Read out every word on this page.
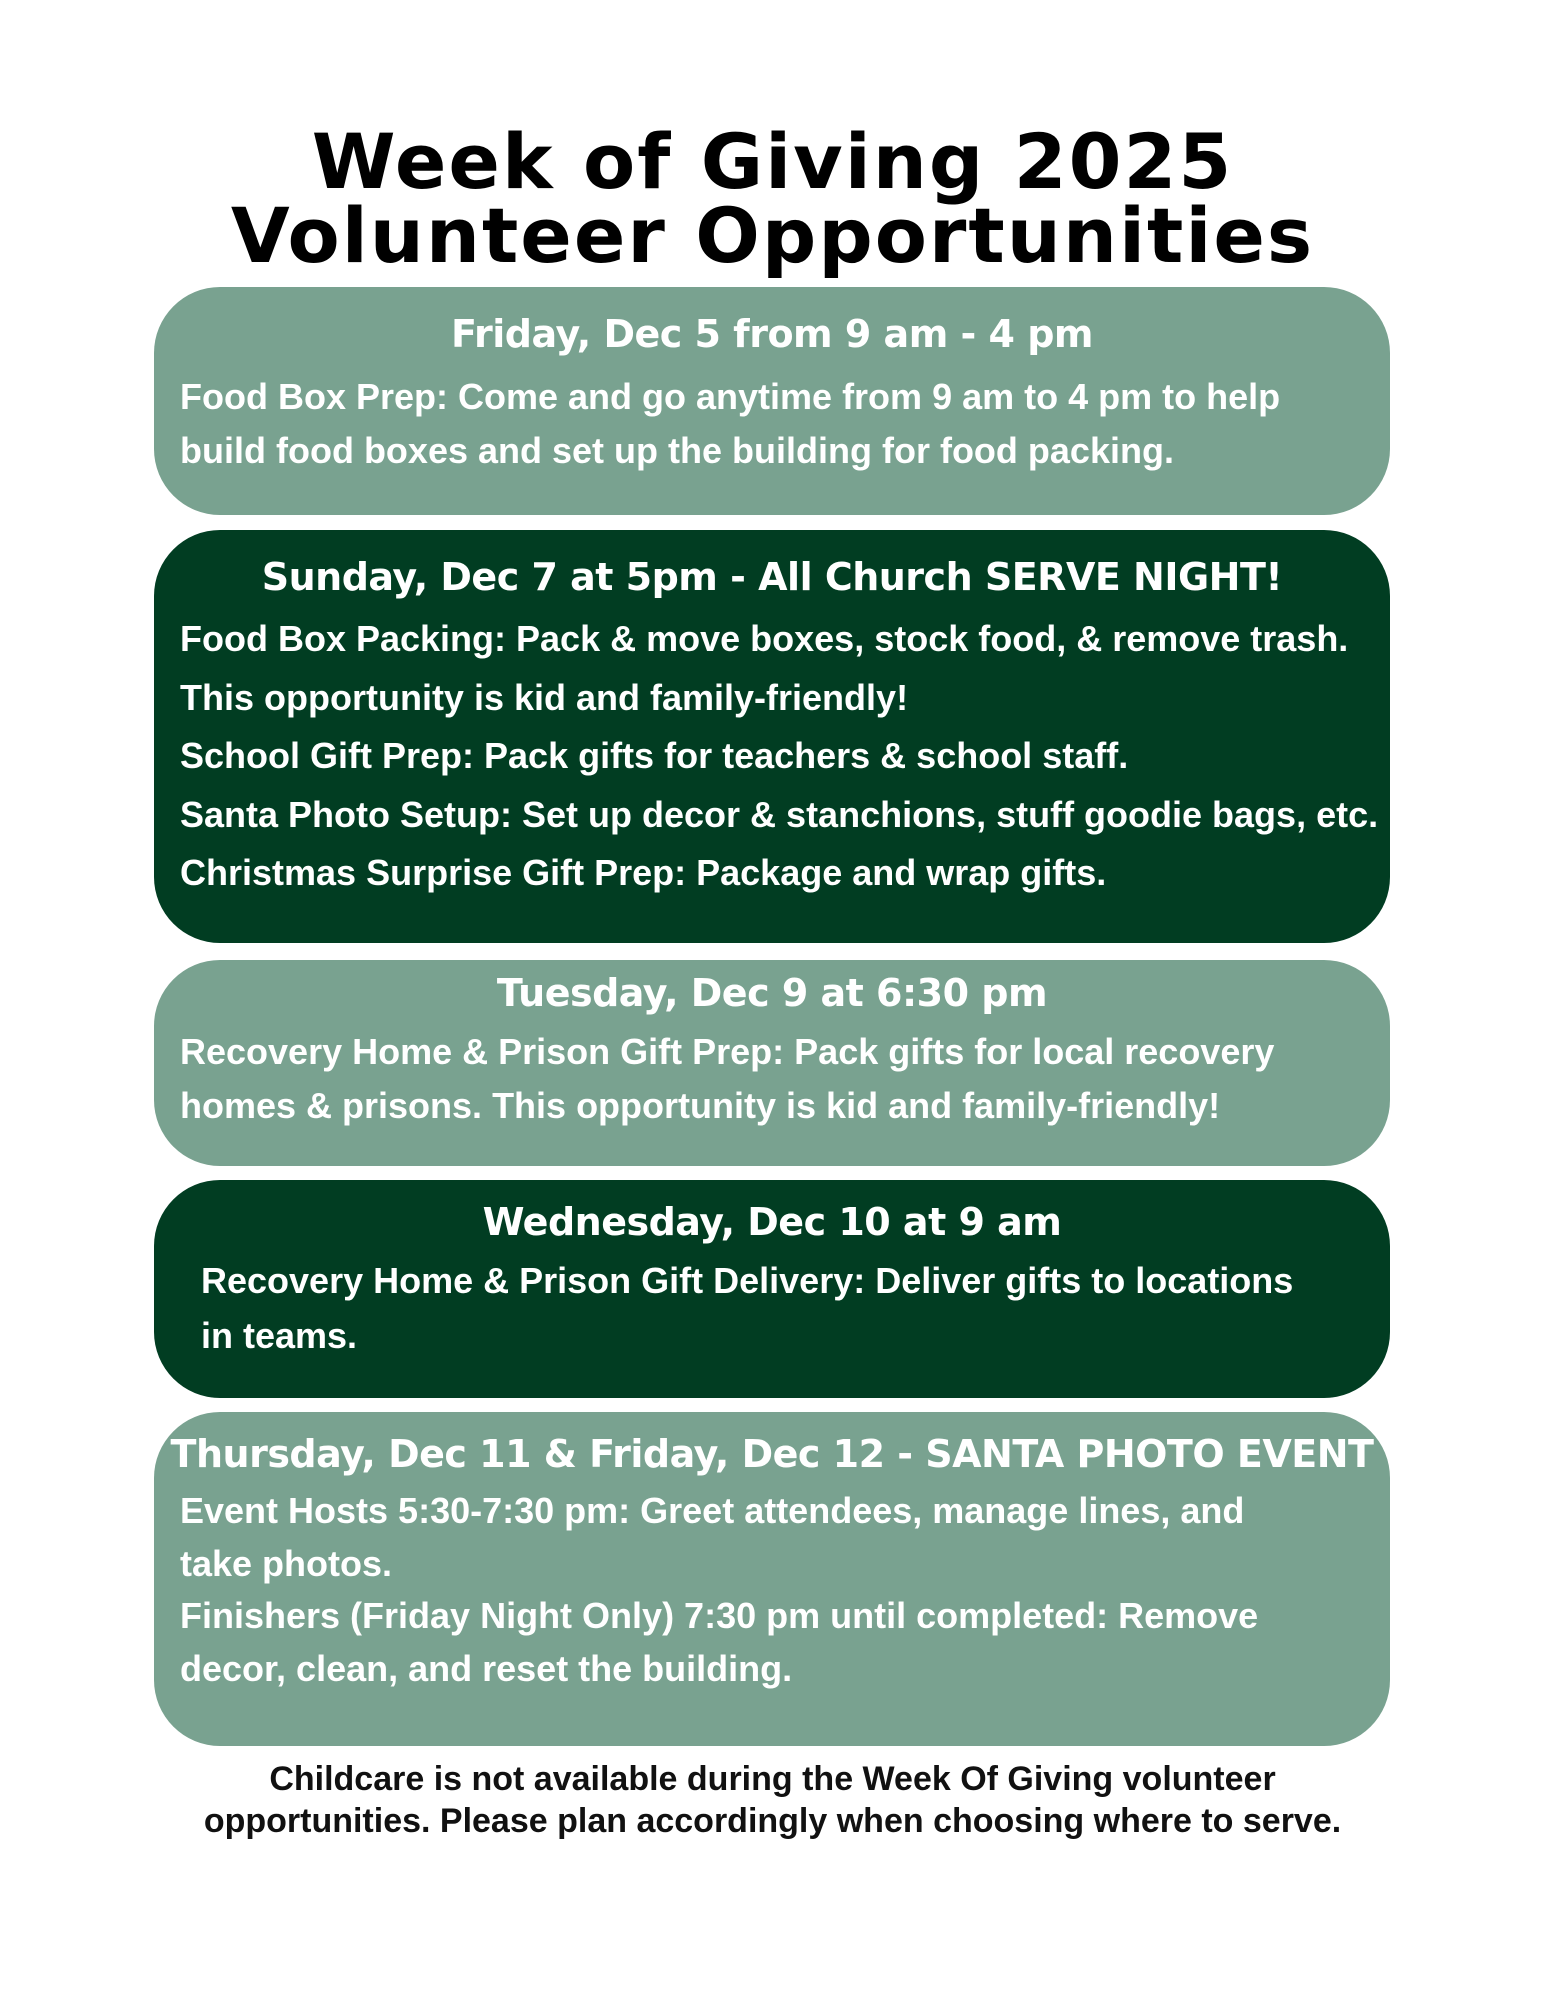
Week of Giving 2025
Volunteer Opportunities
Friday, Dec 5 from 9 am - 4 pm
Food Box Prep: Come and go anytime from 9 am to 4 pm to help
build food boxes and set up the building for food packing.
Sunday, Dec 7 at 5pm - All Church SERVE NIGHT!
Food Box Packing: Pack & move boxes, stock food, & remove trash.
This opportunity is kid and family-friendly!
School Gift Prep: Pack gifts for teachers & school staff.
Santa Photo Setup: Set up decor & stanchions, stuff goodie bags, etc.
Christmas Surprise Gift Prep: Package and wrap gifts.
Tuesday, Dec 9 at 6:30 pm
Recovery Home & Prison Gift Prep: Pack gifts for local recovery
homes & prisons. This opportunity is kid and family-friendly!
Wednesday, Dec 10 at 9 am
Recovery Home & Prison Gift Delivery: Deliver gifts to locations
in teams.
Thursday, Dec 11 & Friday, Dec 12 - SANTA PHOTO EVENT
Event Hosts 5:30-7:30 pm: Greet attendees, manage lines, and
take photos.
Finishers (Friday Night Only) 7:30 pm until completed: Remove
decor, clean, and reset the building.
Childcare is not available during the Week Of Giving volunteer
opportunities. Please plan accordingly when choosing where to serve.
